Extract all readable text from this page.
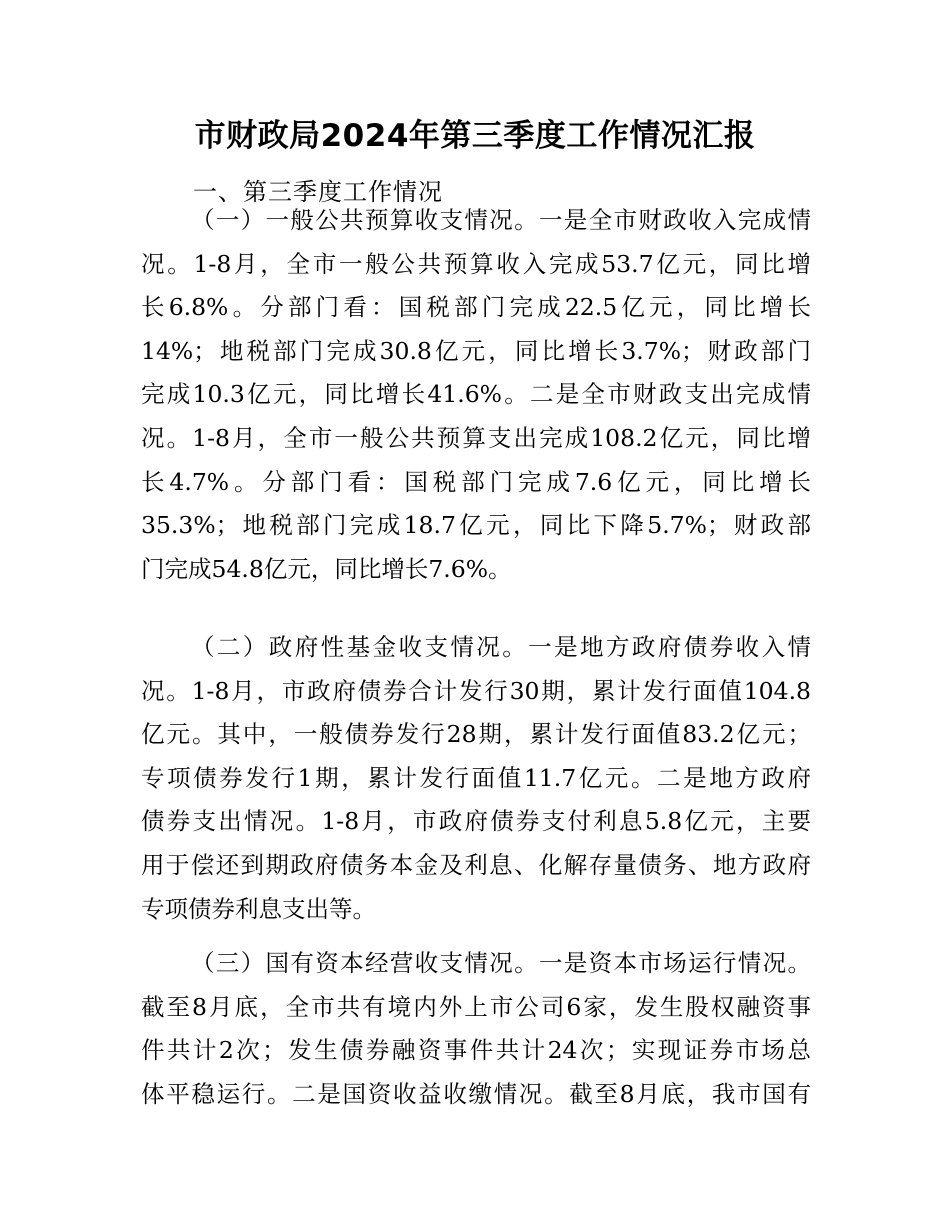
市财政局2024年第三季度工作情况汇报

一、第三季度工作情况

（一）一般公共预算收支情况。一是全市财政收入完成情
况。1-8月，全市一般公共预算收入完成53.7亿元，同比增
长6.8%。分部门看：国税部门完成22.5亿元，同比增长
14%；地税部门完成30.8亿元，同比增长3.7%；财政部门
完成10.3亿元，同比增长41.6%。二是全市财政支出完成情
况。1-8月，全市一般公共预算支出完成108.2亿元，同比增
长4.7%。分部门看：国税部门完成7.6亿元，同比增长
35.3%；地税部门完成18.7亿元，同比下降5.7%；财政部
门完成54.8亿元，同比增长7.6%。
（二）政府性基金收支情况。一是地方政府债券收入情
况。1-8月，市政府债券合计发行30期，累计发行面值104.8
亿元。其中，一般债券发行28期，累计发行面值83.2亿元；
专项债券发行1期，累计发行面值11.7亿元。二是地方政府
债券支出情况。1-8月，市政府债券支付利息5.8亿元，主要
用于偿还到期政府债务本金及利息、化解存量债务、地方政府
专项债券利息支出等。
（三）国有资本经营收支情况。一是资本市场运行情况。
截至8月底，全市共有境内外上市公司6家，发生股权融资事
件共计2次；发生债券融资事件共计24次；实现证券市场总
体平稳运行。二是国资收益收缴情况。截至8月底，我市国有
